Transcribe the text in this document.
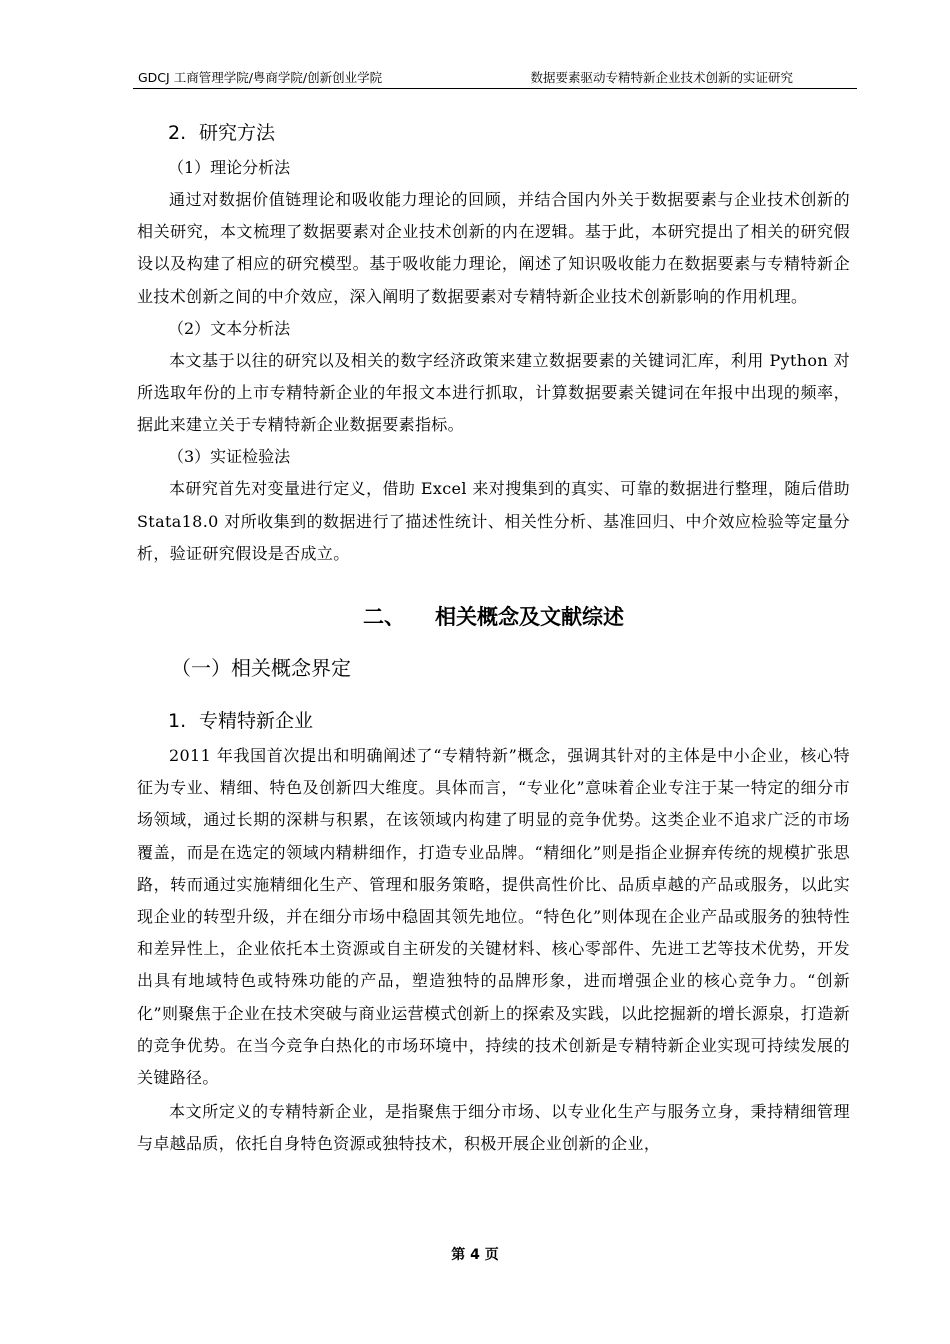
GDCJ 工商管理学院/粤商学院/创新创业学院	数据要素驱动专精特新企业技术创新的实证研究
2. 研究方法

（1）理论分析法

通过对数据价值链理论和吸收能力理论的回顾，并结合国内外关于数据要素与企业技术创新的相关研究，本文梳理了数据要素对企业技术创新的内在逻辑。基于此，本研究提出了相关的研究假设以及构建了相应的研究模型。基于吸收能力理论，阐述了知识吸收能力在数据要素与专精特新企业技术创新之间的中介效应，深入阐明了数据要素对专精特新企业技术创新影响的作用机理。

（2）文本分析法

本文基于以往的研究以及相关的数字经济政策来建立数据要素的关键词汇库，利用 Python 对所选取年份的上市专精特新企业的年报文本进行抓取，计算数据要素关键词在年报中出现的频率，据此来建立关于专精特新企业数据要素指标。

（3）实证检验法

本研究首先对变量进行定义，借助 Excel 来对搜集到的真实、可靠的数据进行整理，随后借助 Stata18.0 对所收集到的数据进行了描述性统计、相关性分析、基准回归、中介效应检验等定量分析，验证研究假设是否成立。

二、 相关概念及文献综述
（一）相关概念界定
1. 专精特新企业

2011 年我国首次提出和明确阐述了“专精特新”概念，强调其针对的主体是中小企业，核心特征为专业、精细、特色及创新四大维度。具体而言，“专业化”意味着企业专注于某一特定的细分市场领域，通过长期的深耕与积累，在该领域内构建了明显的竞争优势。这类企业不追求广泛的市场覆盖，而是在选定的领域内精耕细作，打造专业品牌。“精细化”则是指企业摒弃传统的规模扩张思路，转而通过实施精细化生产、管理和服务策略，提供高性价比、品质卓越的产品或服务，以此实现企业的转型升级，并在细分市场中稳固其领先地位。“特色化”则体现在企业产品或服务的独特性和差异性上，企业依托本土资源或自主研发的关键材料、核心零部件、先进工艺等技术优势，开发出具有地域特色或特殊功能的产品，塑造独特的品牌形象，进而增强企业的核心竞争力。“创新化”则聚焦于企业在技术突破与商业运营模式创新上的探索及实践，以此挖掘新的增长源泉，打造新的竞争优势。在当今竞争白热化的市场环境中，持续的技术创新是专精特新企业实现可持续发展的关键路径。

本文所定义的专精特新企业，是指聚焦于细分市场、以专业化生产与服务立身，秉持精细管理与卓越品质，依托自身特色资源或独特技术，积极开展企业创新的企业，

第 4 页
